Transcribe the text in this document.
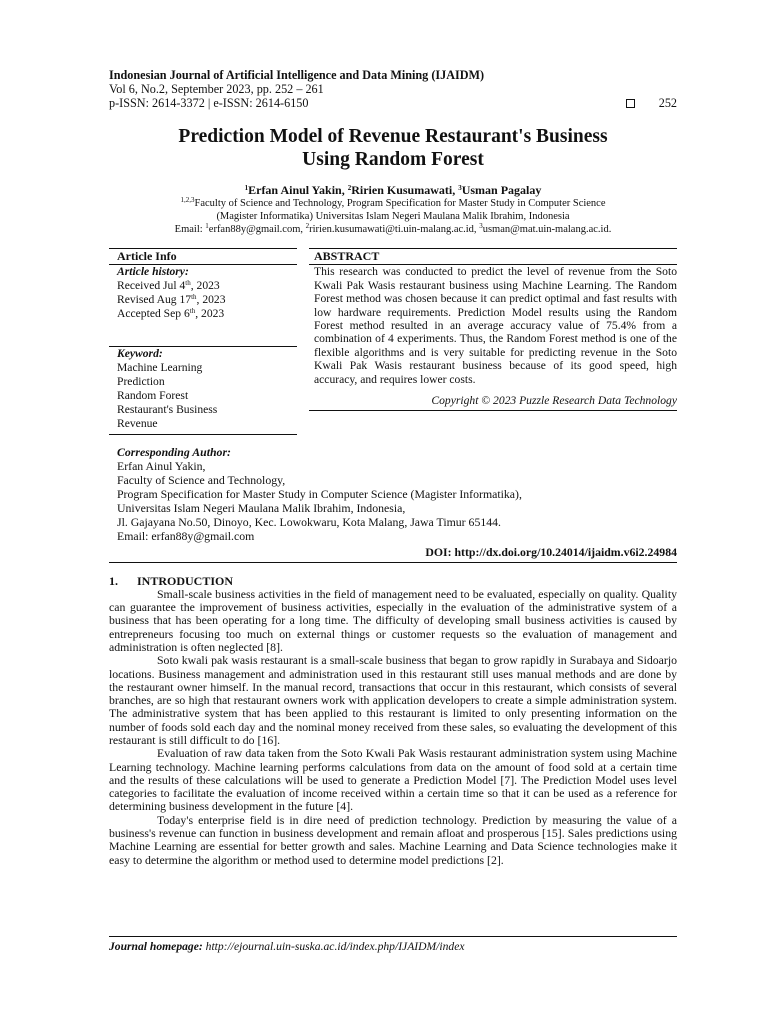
Indonesian Journal of Artificial Intelligence and Data Mining (IJAIDM)
Vol 6, No.2, September 2023, pp. 252 – 261
p-ISSN: 2614-3372 | e-ISSN: 2614-6150	252
Prediction Model of Revenue Restaurant's Business
Using Random Forest
$^1$Erfan Ainul Yakin, $^2$Ririen Kusumawati, $^3$Usman Pagalay
$^{1,2,3}$Faculty of Science and Technology, Program Specification for Master Study in Computer Science
(Magister Informatika) Universitas Islam Negeri Maulana Malik Ibrahim, Indonesia
Email: $^1$erfan88y@gmail.com, $^2$ririen.kusumawati@ti.uin-malang.ac.id, $^3$usman@mat.uin-malang.ac.id.
Article Info
Article history:
Received Jul 4th, 2023
Revised Aug 17th, 2023
Accepted Sep 6th, 2023
Keyword:
Machine Learning
Prediction
Random Forest
Restaurant's Business
Revenue
ABSTRACT
This research was conducted to predict the level of revenue from the Soto Kwali Pak Wasis restaurant business using Machine Learning. The Random Forest method was chosen because it can predict optimal and fast results with low hardware requirements. Prediction Model results using the Random Forest method resulted in an average accuracy value of 75.4% from a combination of 4 experiments. Thus, the Random Forest method is one of the flexible algorithms and is very suitable for predicting revenue in the Soto Kwali Pak Wasis restaurant business because of its good speed, high accuracy, and requires lower costs.
Copyright © 2023 Puzzle Research Data Technology
Corresponding Author:
Erfan Ainul Yakin,
Faculty of Science and Technology,
Program Specification for Master Study in Computer Science (Magister Informatika),
Universitas Islam Negeri Maulana Malik Ibrahim, Indonesia,
Jl. Gajayana No.50, Dinoyo, Kec. Lowokwaru, Kota Malang, Jawa Timur 65144.
Email: erfan88y@gmail.com
DOI: http://dx.doi.org/10.24014/ijaidm.v6i2.24984
1. INTRODUCTION

Small-scale business activities in the field of management need to be evaluated, especially on quality. Quality can guarantee the improvement of business activities, especially in the evaluation of the administrative system of a business that has been operating for a long time. The difficulty of developing small business activities is caused by entrepreneurs focusing too much on external things or customer requests so the evaluation of management and administration is often neglected [8].

Soto kwali pak wasis restaurant is a small-scale business that began to grow rapidly in Surabaya and Sidoarjo locations. Business management and administration used in this restaurant still uses manual methods and are done by the restaurant owner himself. In the manual record, transactions that occur in this restaurant, which consists of several branches, are so high that restaurant owners work with application developers to create a simple administration system. The administrative system that has been applied to this restaurant is limited to only presenting information on the number of foods sold each day and the nominal money received from these sales, so evaluating the development of this restaurant is still difficult to do [16].

Evaluation of raw data taken from the Soto Kwali Pak Wasis restaurant administration system using Machine Learning technology. Machine learning performs calculations from data on the amount of food sold at a certain time and the results of these calculations will be used to generate a Prediction Model [7]. The Prediction Model uses level categories to facilitate the evaluation of income received within a certain time so that it can be used as a reference for determining business development in the future [4].

Today's enterprise field is in dire need of prediction technology. Prediction by measuring the value of a business's revenue can function in business development and remain afloat and prosperous [15]. Sales predictions using Machine Learning are essential for better growth and sales. Machine Learning and Data Science technologies make it easy to determine the algorithm or method used to determine model predictions [2].

Journal homepage: http://ejournal.uin-suska.ac.id/index.php/IJAIDM/index
